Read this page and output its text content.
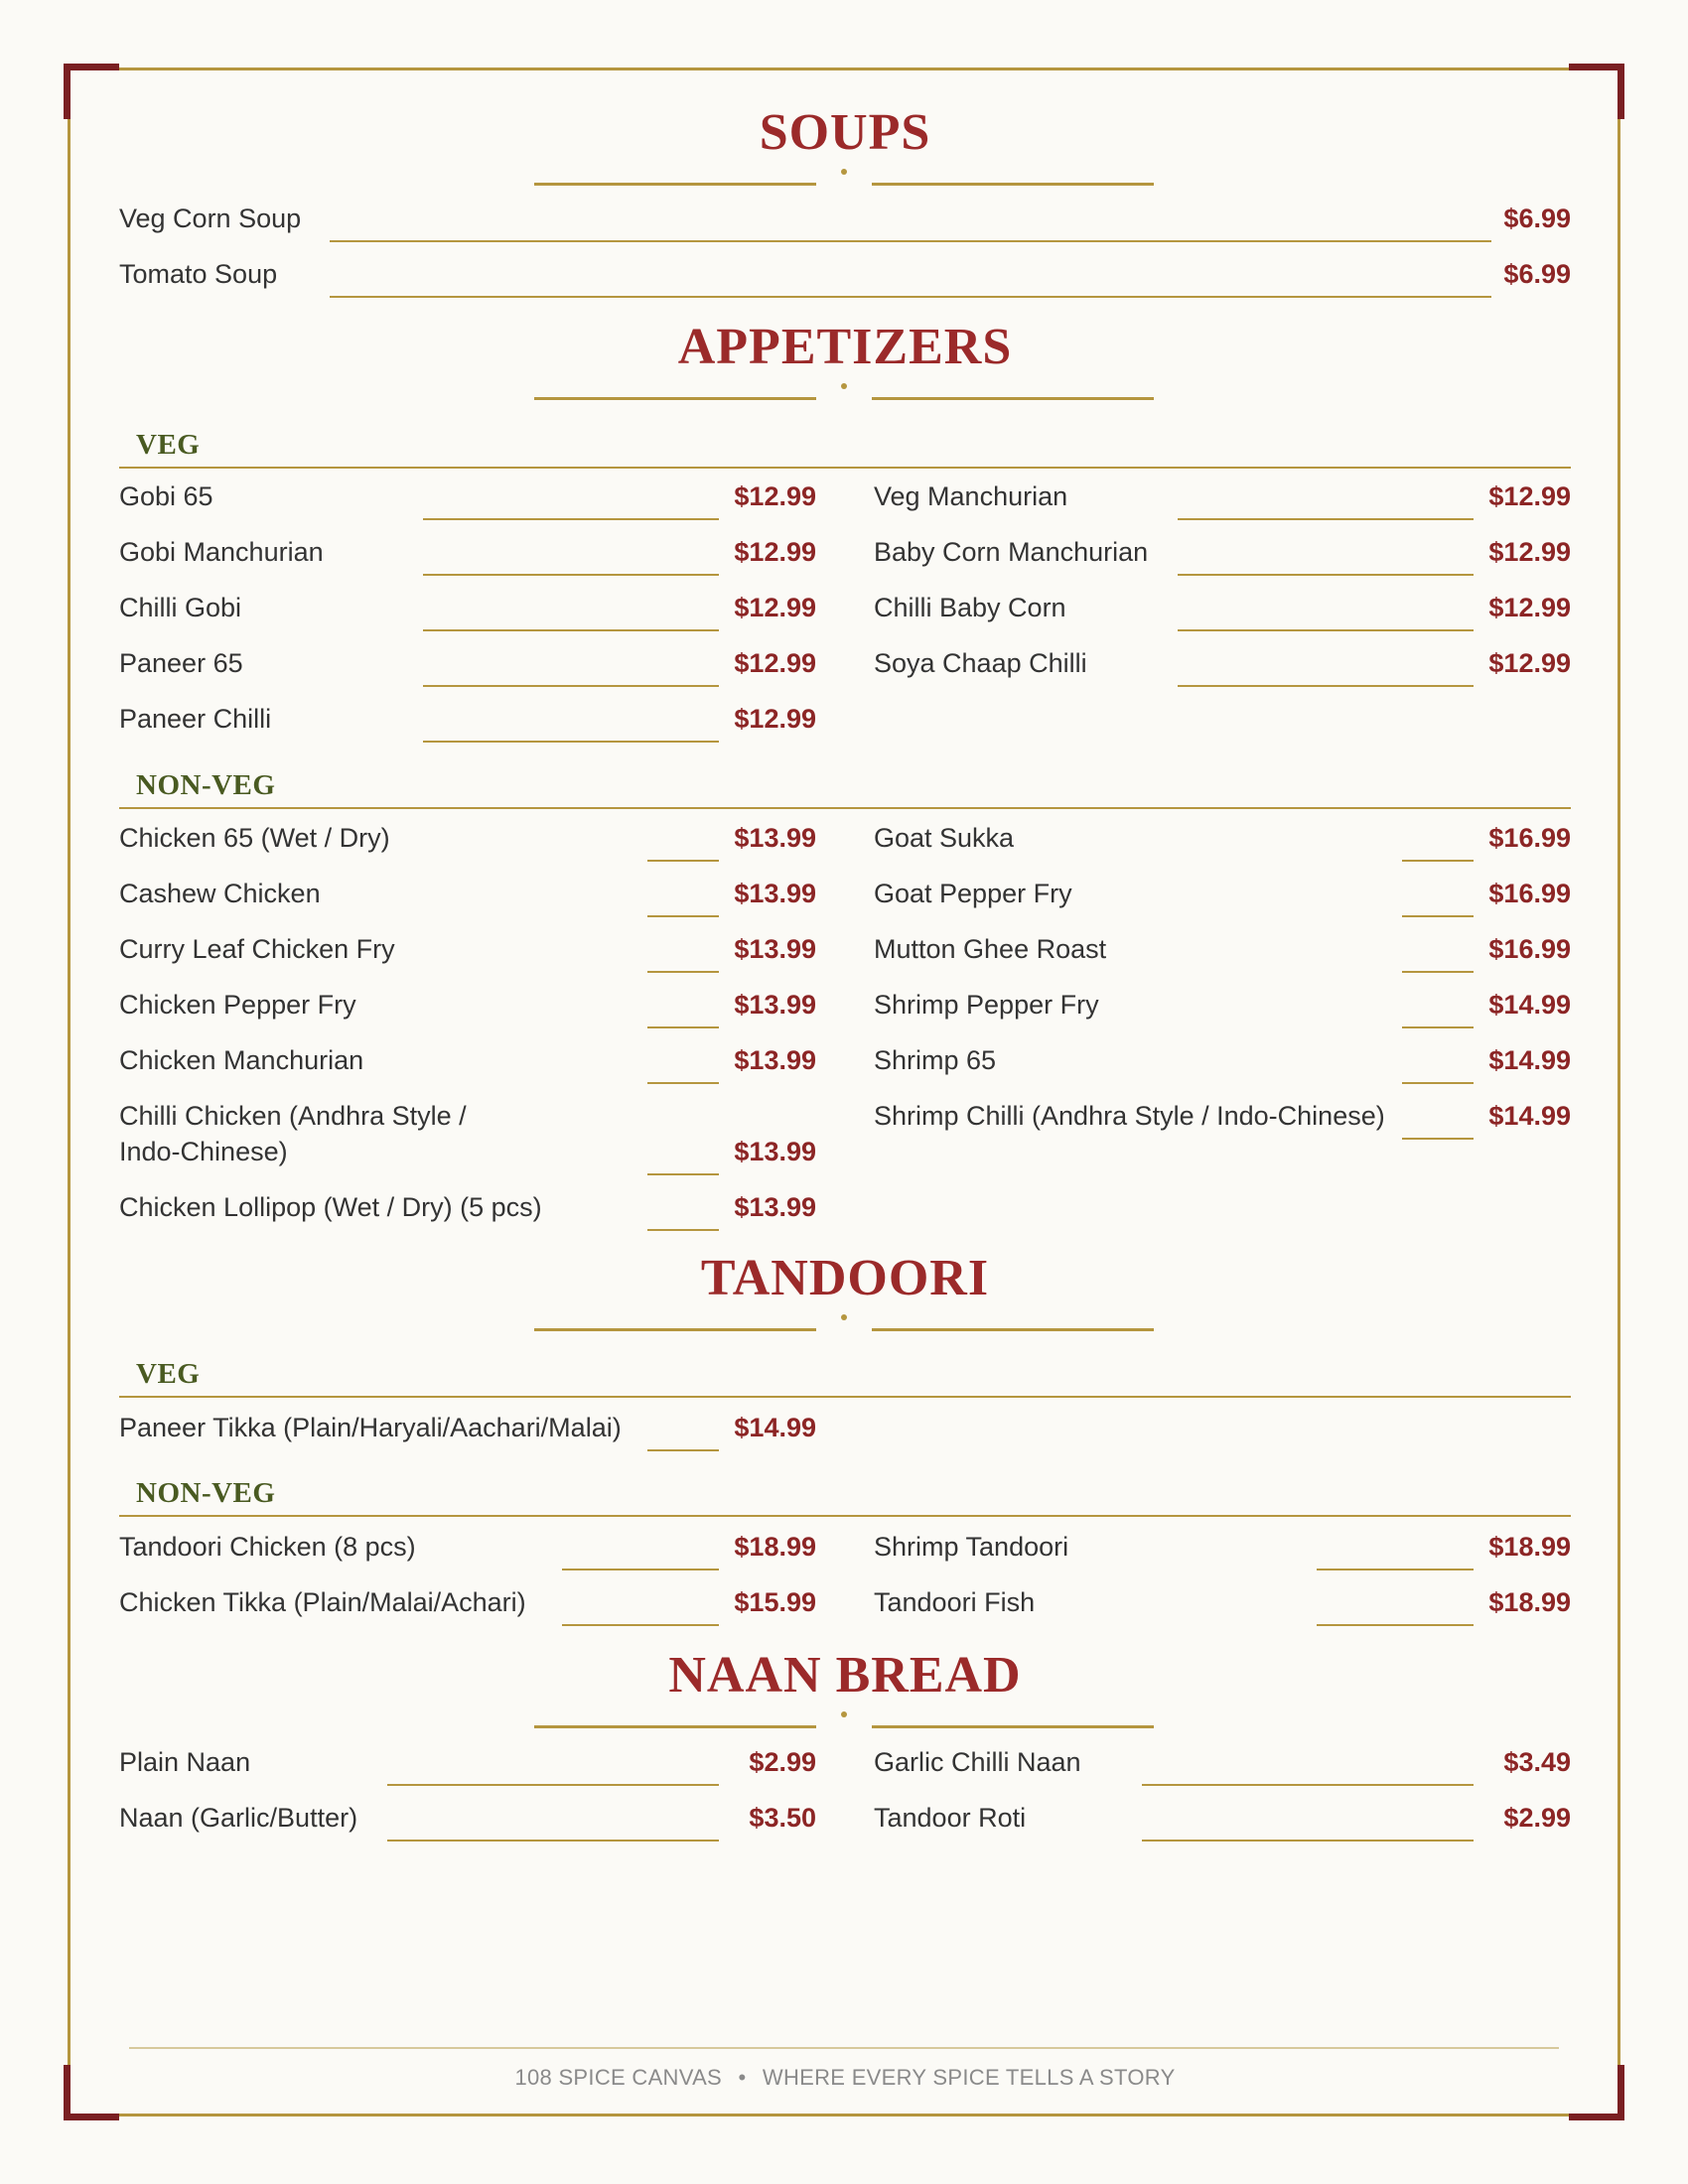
SOUPS
APPETIZERS
VEG
NON-VEG
TANDOORI
VEG
NON-VEG
NAAN BREAD
Veg Corn Soup	$6.99
Tomato Soup	$6.99
Gobi 65	$12.99
Gobi Manchurian	$12.99
Chilli Gobi	$12.99
Paneer 65	$12.99
Paneer Chilli	$12.99
Veg Manchurian	$12.99
Baby Corn Manchurian	$12.99
Chilli Baby Corn	$12.99
Soya Chaap Chilli	$12.99
Chicken 65 (Wet / Dry)	$13.99
Cashew Chicken	$13.99
Curry Leaf Chicken Fry	$13.99
Chicken Pepper Fry	$13.99
Chicken Manchurian	$13.99
Chilli Chicken (Andhra Style / Indo-Chinese)	$13.99
Chicken Lollipop (Wet / Dry) (5 pcs)	$13.99
Goat Sukka	$16.99
Goat Pepper Fry	$16.99
Mutton Ghee Roast	$16.99
Shrimp Pepper Fry	$14.99
Shrimp 65	$14.99
Shrimp Chilli (Andhra Style / Indo-Chinese)	$14.99
Paneer Tikka (Plain/Haryali/Aachari/Malai)	$14.99
Tandoori Chicken (8 pcs)	$18.99
Chicken Tikka (Plain/Malai/Achari)	$15.99
Shrimp Tandoori	$18.99
Tandoori Fish	$18.99
Plain Naan	$2.99
Naan (Garlic/Butter)	$3.50
Garlic Chilli Naan	$3.49
Tandoor Roti	$2.99
108 SPICE CANVAS • WHERE EVERY SPICE TELLS A STORY
